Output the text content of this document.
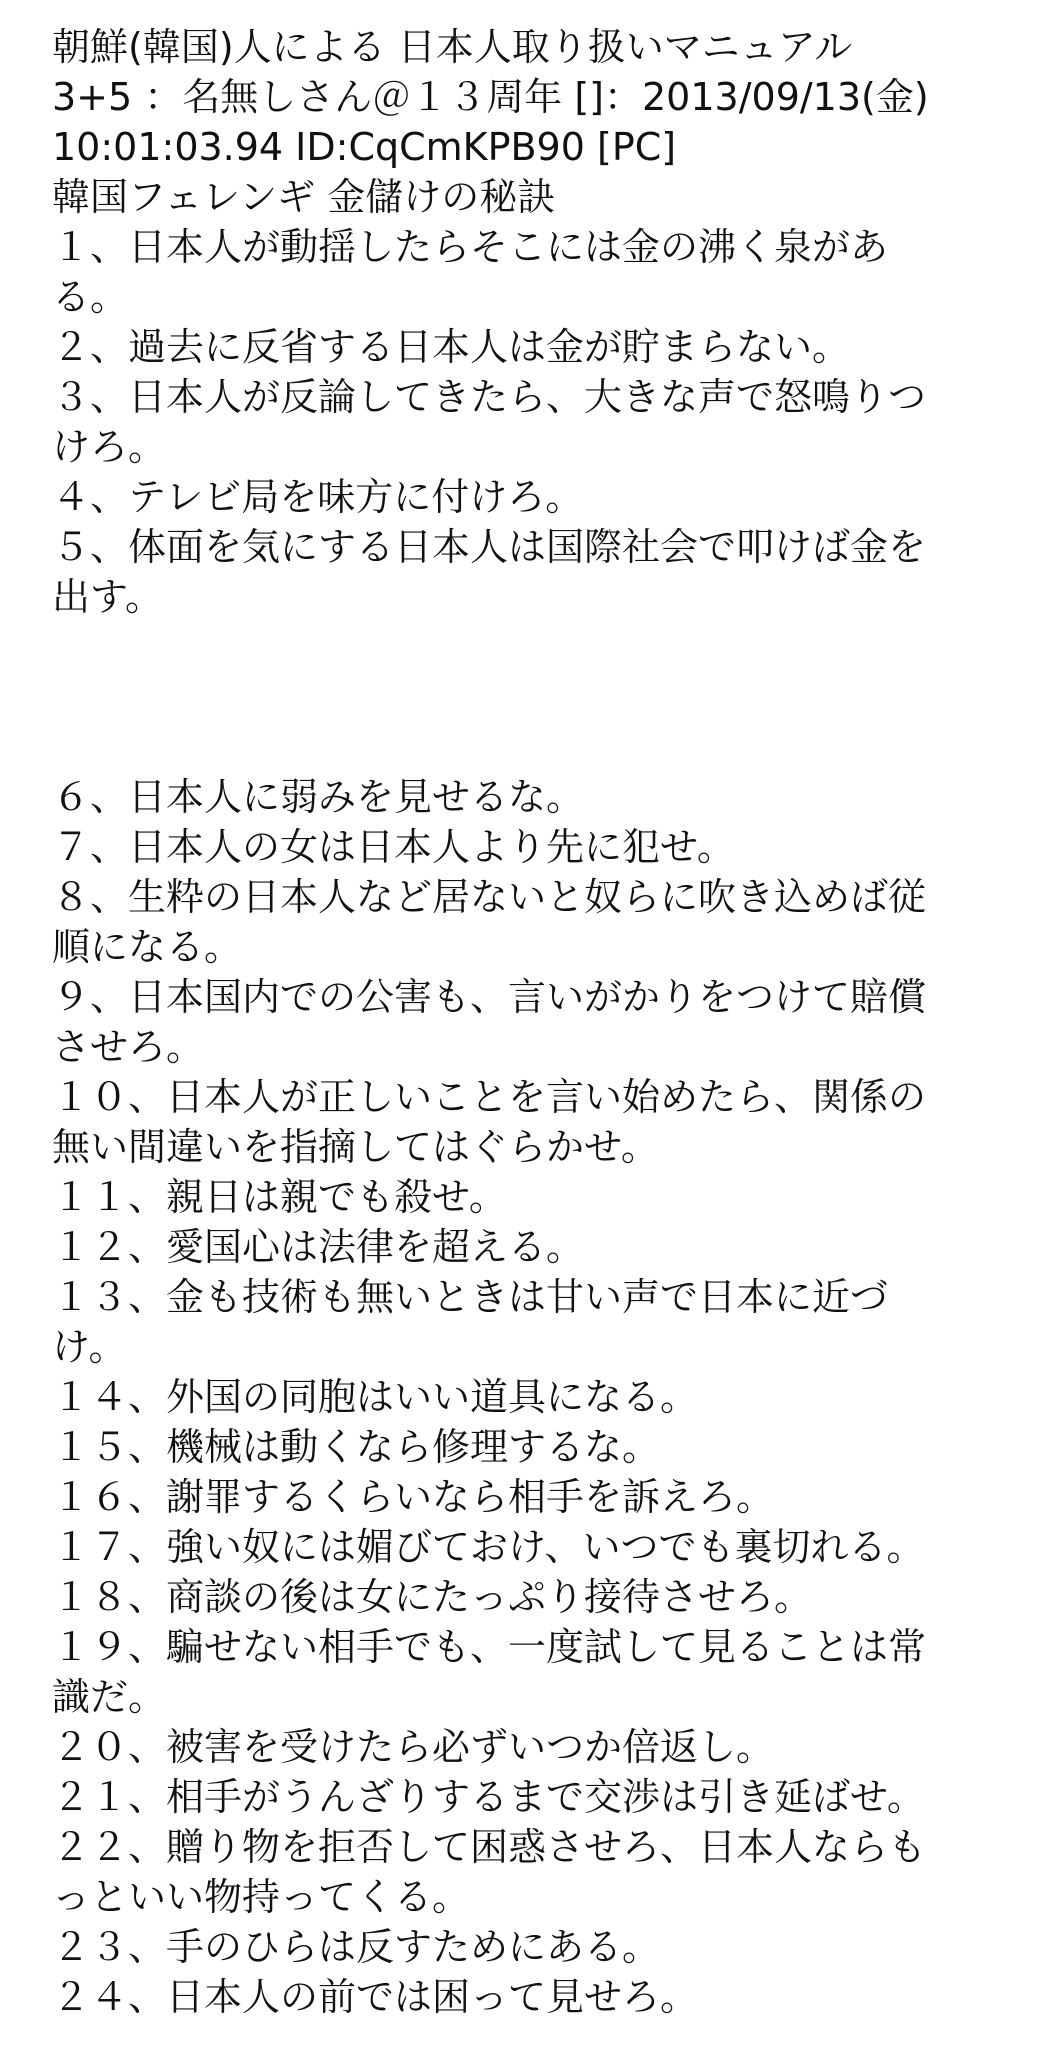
朝鮮(韓国)人による 日本人取り扱いマニュアル
3+5 ：名無しさん＠１３周年 []：2013/09/13(金)
10:01:03.94 ID:CqCmKPB90 [PC]
韓国フェレンギ 金儲けの秘訣
１、日本人が動揺したらそこには金の沸く泉があ
る。
２、過去に反省する日本人は金が貯まらない。
３、日本人が反論してきたら、大きな声で怒鳴りつ
けろ。
４、テレビ局を味方に付けろ。
５、体面を気にする日本人は国際社会で叩けば金を
出す。
６、日本人に弱みを見せるな。
７、日本人の女は日本人より先に犯せ。
８、生粋の日本人など居ないと奴らに吹き込めば従
順になる。
９、日本国内での公害も、言いがかりをつけて賠償
させろ。
１０、日本人が正しいことを言い始めたら、関係の
無い間違いを指摘してはぐらかせ。
１１、親日は親でも殺せ。
１２、愛国心は法律を超える。
１３、金も技術も無いときは甘い声で日本に近づ
け。
１４、外国の同胞はいい道具になる。
１５、機械は動くなら修理するな。
１６、謝罪するくらいなら相手を訴えろ。
１７、強い奴には媚びておけ、いつでも裏切れる。
１８、商談の後は女にたっぷり接待させろ。
１９、騙せない相手でも、一度試して見ることは常
識だ。
２０、被害を受けたら必ずいつか倍返し。
２１、相手がうんざりするまで交渉は引き延ばせ。
２２、贈り物を拒否して困惑させろ、日本人ならも
っといい物持ってくる。
２３、手のひらは反すためにある。
２４、日本人の前では困って見せろ。
